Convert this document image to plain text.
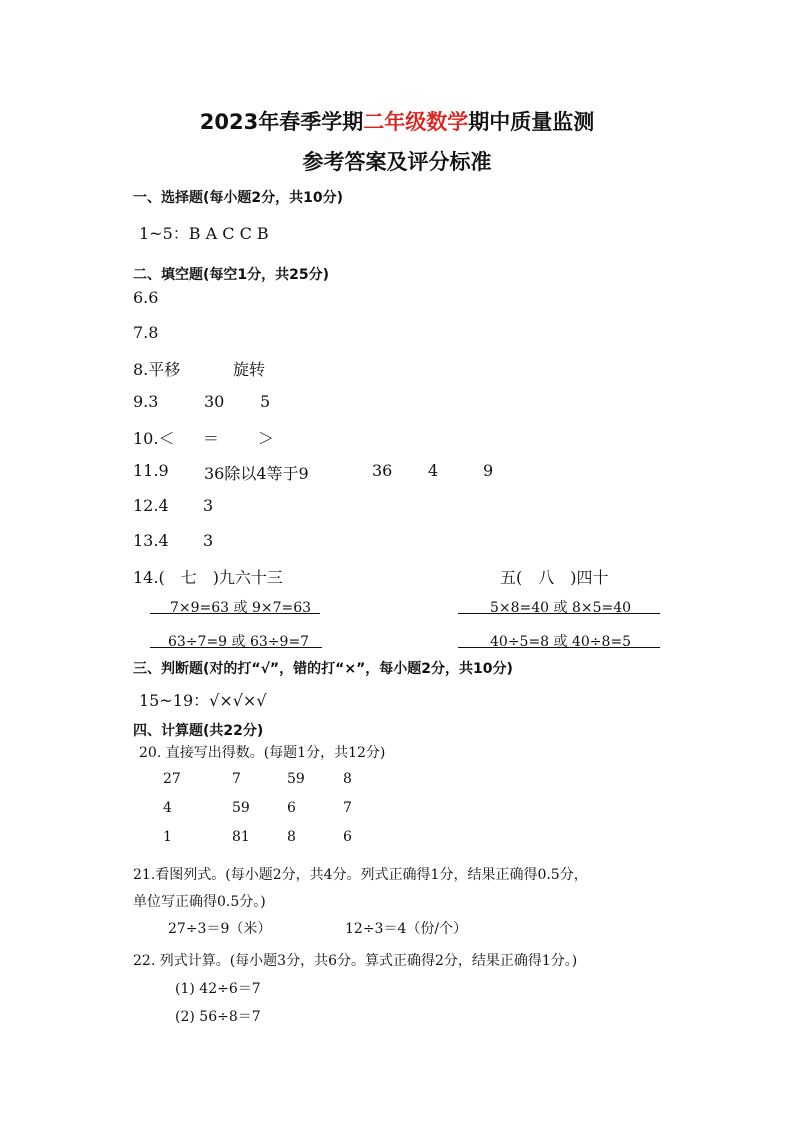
2023年春季学期二年级数学期中质量监测
参考答案及评分标准
一、选择题(每小题2分，共10分)
1~5：B A C C B
二、填空题(每空1分，共25分)
6.6
7.8
8.平移	旋转
9.3	30 5
10.＜ ＝ ＞
11.9 36除以4等于9	36 4	9
12.4 3
13.4 3
14.(　七　)九六十三	五(　八　)四十
7×9=63 或 9×7=63	5×8=40 或 8×5=40
63÷7=9 或 63÷9=7	40÷5=8 或 40÷8=5
三、判断题(对的打“√”，错的打“×”，每小题2分，共10分)
15~19：√×√×√
四、计算题(共22分)
20. 直接写出得数。(每题1分，共12分)
27	7	59	8
4	59	6	7
1	81	8	6
21.看图列式。(每小题2分，共4分。列式正确得1分，结果正确得0.5分，
单位写正确得0.5分。)
27÷3＝9（米）	12÷3＝4（份/个）
22. 列式计算。(每小题3分，共6分。算式正确得2分，结果正确得1分。)
(1) 42÷6＝7
(2) 56÷8＝7
